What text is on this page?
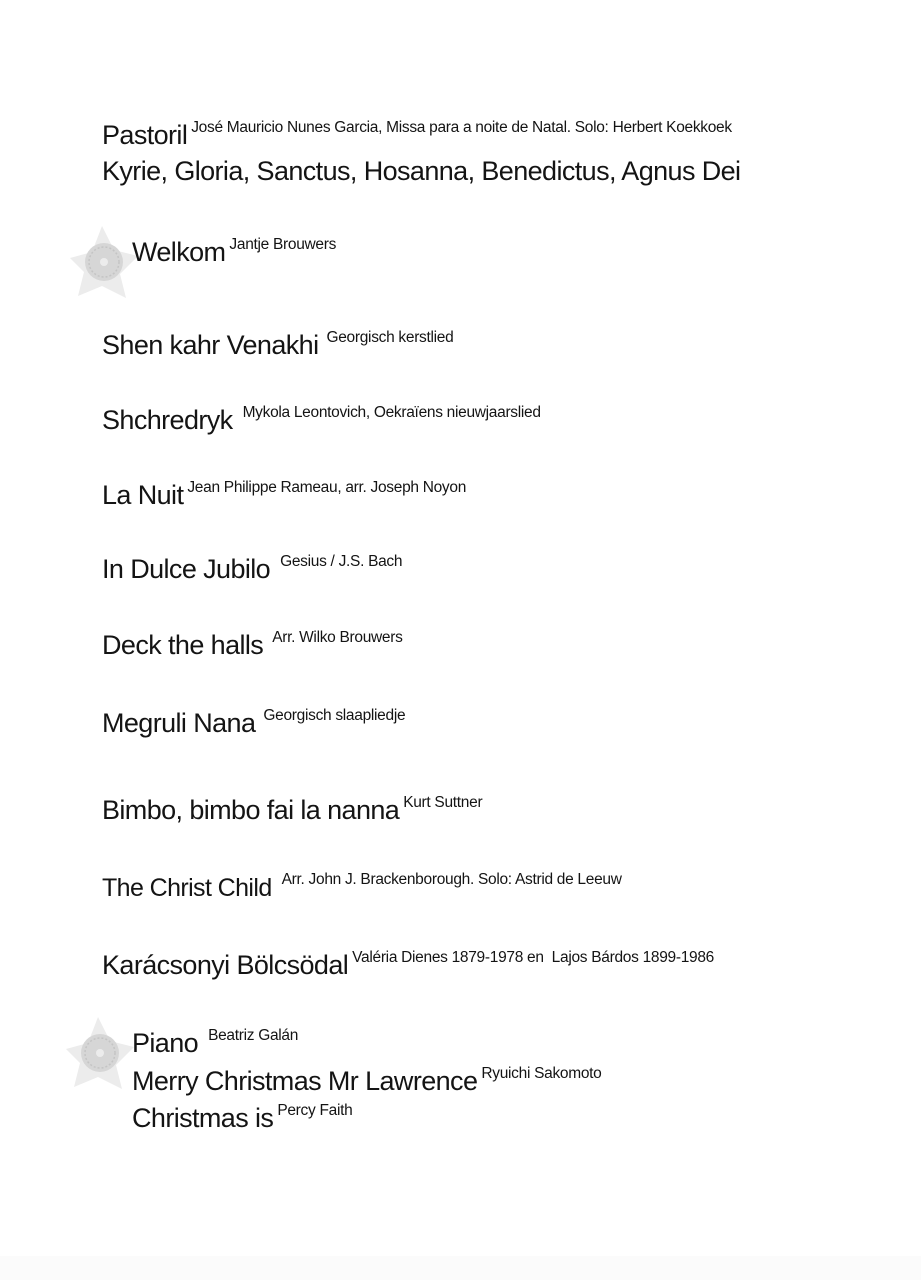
Pastoril José Mauricio Nunes Garcia, Missa para a noite de Natal. Solo: Herbert Koekkoek
Kyrie, Gloria, Sanctus, Hosanna, Benedictus, Agnus Dei
Welkom Jantje Brouwers
Shen kahr Venakhi Georgisch kerstlied
Shchredryk Mykola Leontovich, Oekraïens nieuwjaarslied
La Nuit Jean Philippe Rameau, arr. Joseph Noyon
In Dulce Jubilo Gesius / J.S. Bach
Deck the halls Arr. Wilko Brouwers
Megruli Nana Georgisch slaapliedje
Bimbo, bimbo fai la nanna Kurt Suttner
The Christ Child Arr. John J. Brackenborough. Solo: Astrid de Leeuw
Karácsonyi Bölcsödal Valéria Dienes 1879-1978 en  Lajos Bárdos 1899-1986
Piano Beatriz Galán
Merry Christmas Mr Lawrence Ryuichi Sakomoto
Christmas is Percy Faith
